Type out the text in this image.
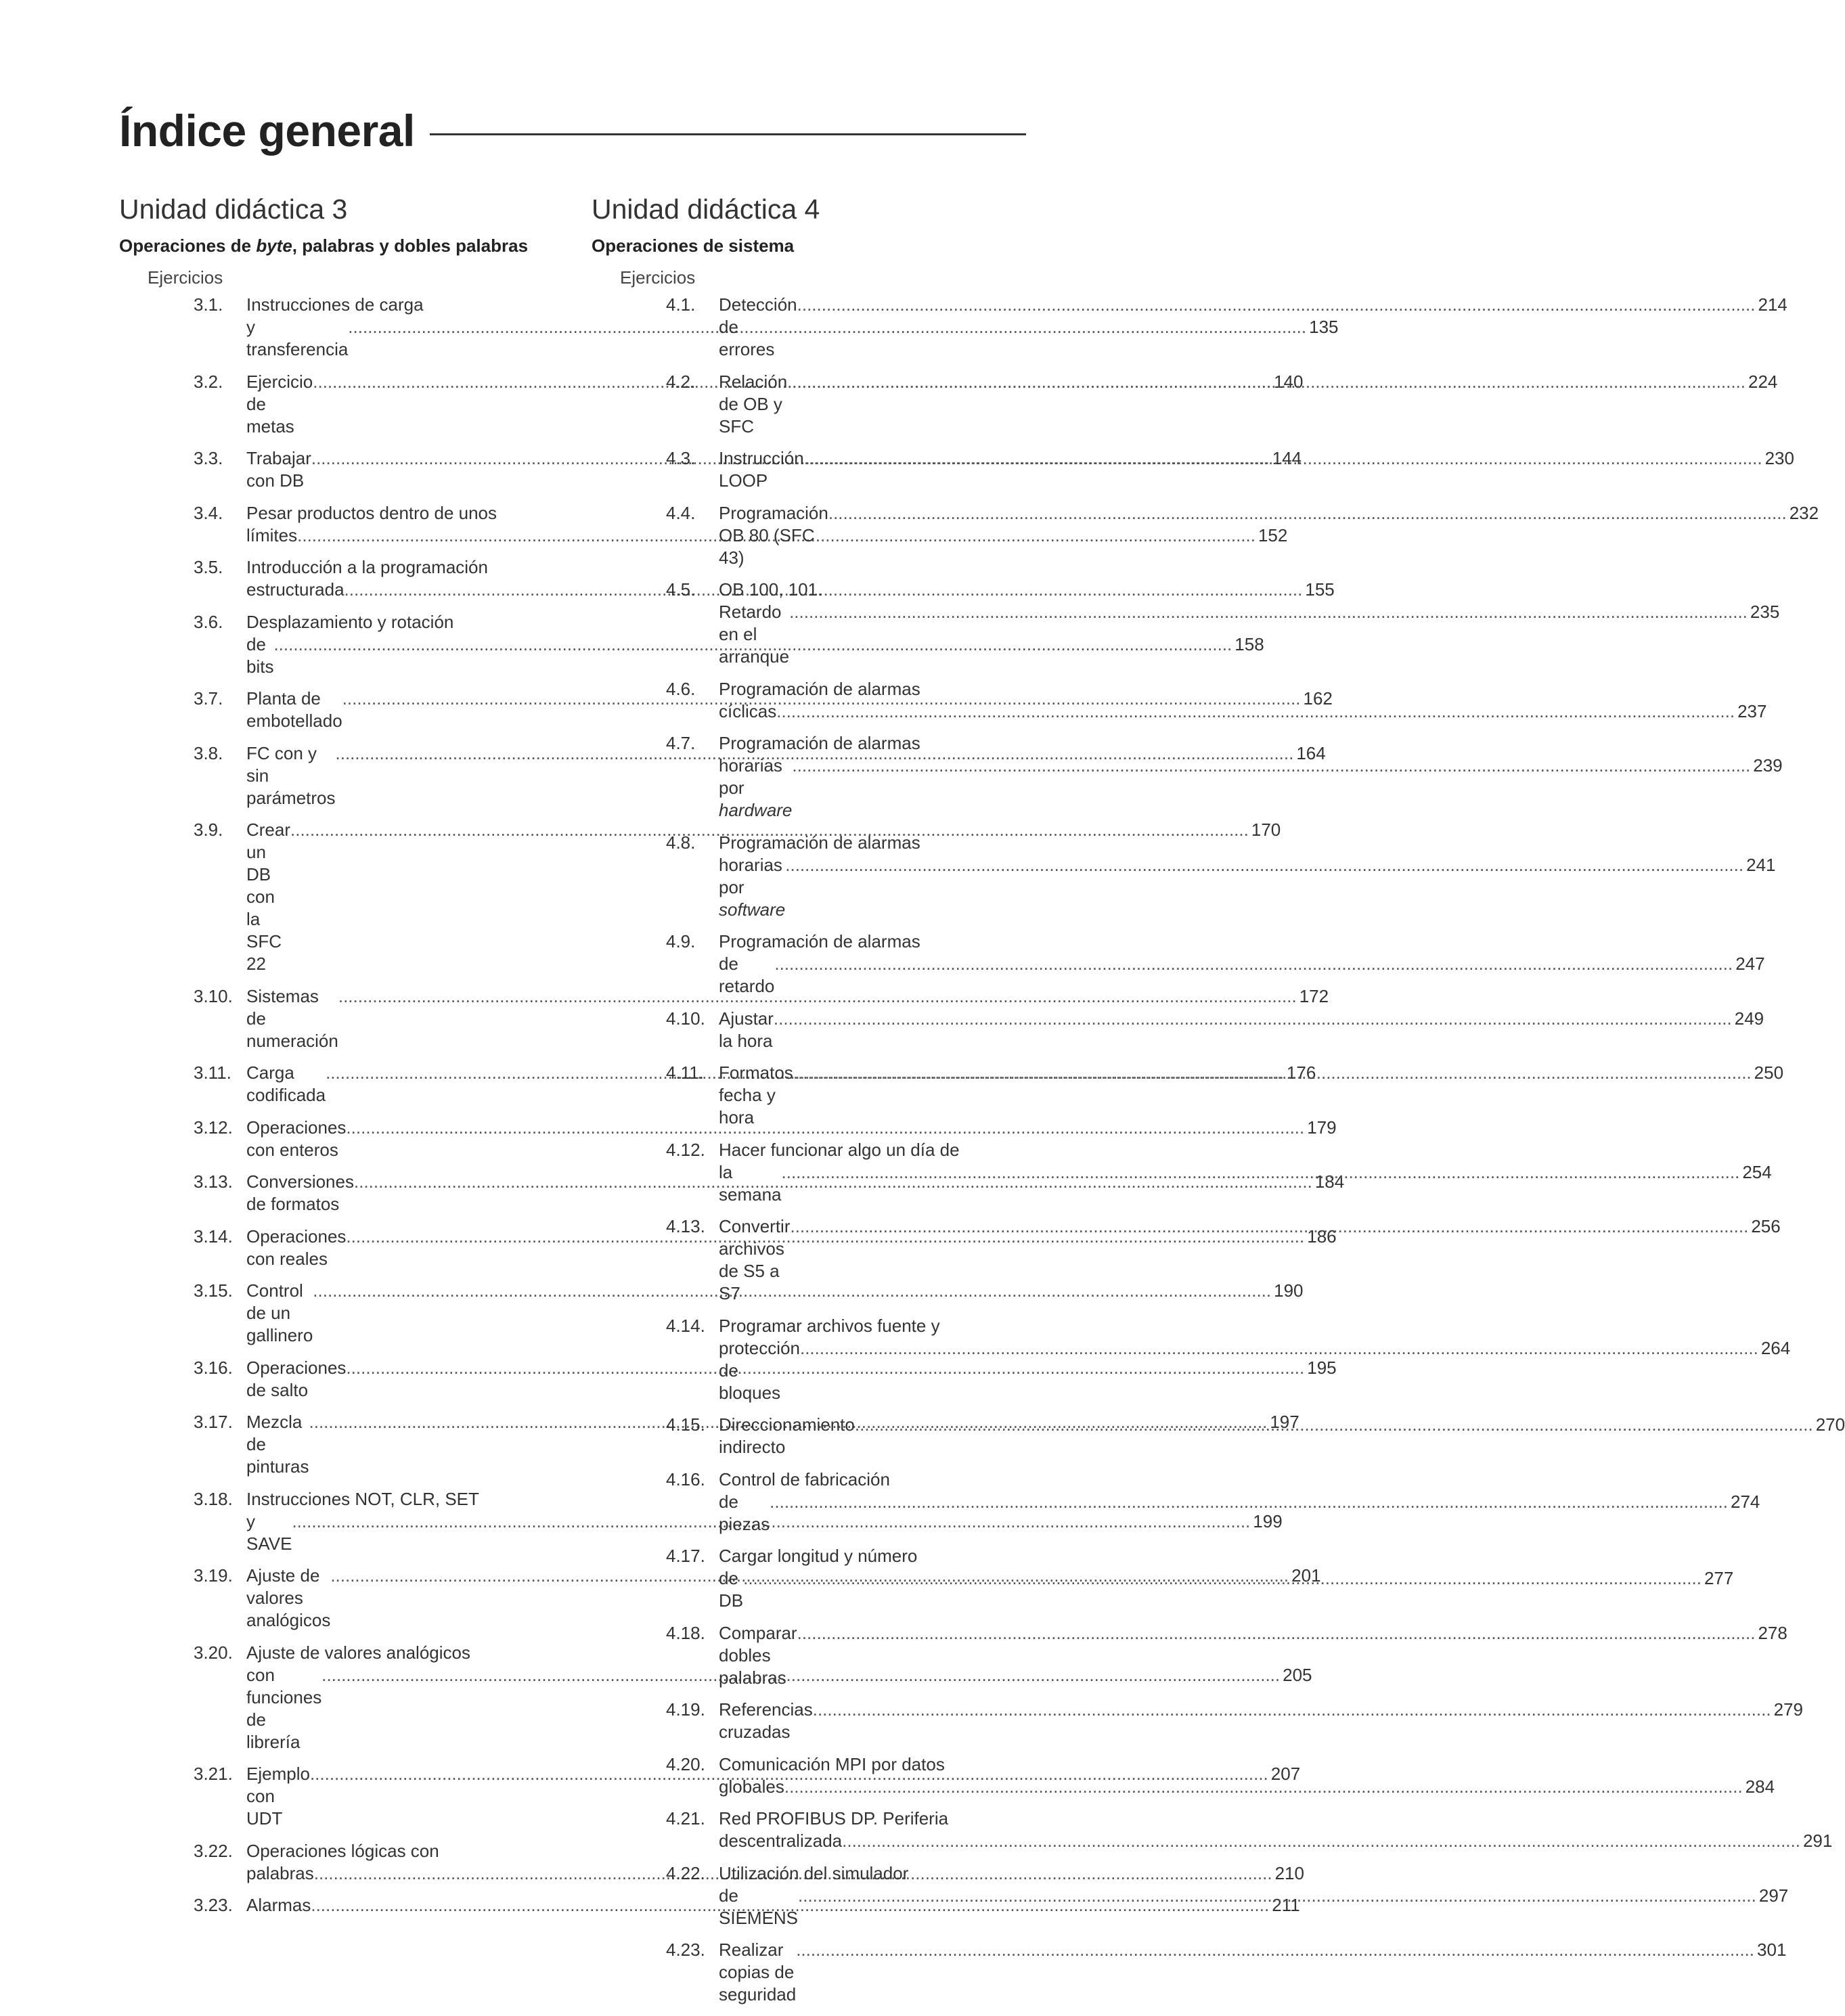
Índice general
Unidad didáctica 3

Operaciones de byte, palabras y dobles palabras

Ejercicios
3.1.	Instrucciones de carga
y transferencia
.....
135
3.2.	Ejercicio de metas
.....
140
3.3.	Trabajar con DB
.....
144
3.4.	Pesar productos dentro de unos
límites .....	152
3.5.	Introducción a la programación
estructurada .....	155
3.6.	Desplazamiento y rotación
de bits
.....
158
3.7.	Planta de embotellado
.....
162
3.8.	FC con y sin parámetros
.....
164
3.9.	Crear un DB con la SFC 22
.....
170
3.10. Sistemas de numeración
.....
172
3.11. Carga codificada
.....
176
3.12. Operaciones con enteros
.....
179
3.13. Conversiones de formatos
.....
184
3.14. Operaciones con reales
.....
186
3.15. Control de un gallinero
.....
190
3.16. Operaciones de salto
.....
195
3.17. Mezcla de pinturas
.....
197
3.18. Instrucciones NOT, CLR, SET
y SAVE
.....
199
3.19. Ajuste de valores analógicos
.....
201
3.20. Ajuste de valores analógicos
con funciones de librería
.....
205
3.21. Ejemplo con UDT
.....
207
3.22. Operaciones lógicas con
palabras .....	210
3.23. Alarmas .....	211
Unidad didáctica 4

Operaciones de sistema

Ejercicios
4.1.	Detección de errores
.....
214
4.2.	Relación de OB y SFC
.....
224
4.3.	Instrucción LOOP
.....
230
4.4.	Programación OB 80 (SFC 43)
.....
232
4.5.	OB 100, 101.
Retardo en el arranque
.....
235
4.6.	Programación de alarmas
cíclicas .....	237
4.7.	Programación de alarmas
horarias por hardware
.....
239
4.8.	Programación de alarmas
horarias por software
.....
241
4.9.	Programación de alarmas
de retardo
.....
247
4.10. Ajustar la hora
.....
249
4.11. Formatos fecha y hora
.....
250
4.12. Hacer funcionar algo un día de
la semana
.....
254
4.13. Convertir archivos de S5 a S7
.....
256
4.14. Programar archivos fuente y
protección de bloques
.....
264
4.15. Direccionamiento indirecto
.....
270
4.16. Control de fabricación
de piezas
.....
274
4.17. Cargar longitud y número
de DB
.....
277
4.18. Comparar dobles palabras
.....
278
4.19. Referencias cruzadas
.....
279
4.20. Comunicación MPI por datos
globales .....	284
4.21. Red PROFIBUS DP. Periferia
descentralizada .....	291
4.22. Utilización del simulador
de SIEMENS
.....
297
4.23. Realizar copias de seguridad
.....
301
